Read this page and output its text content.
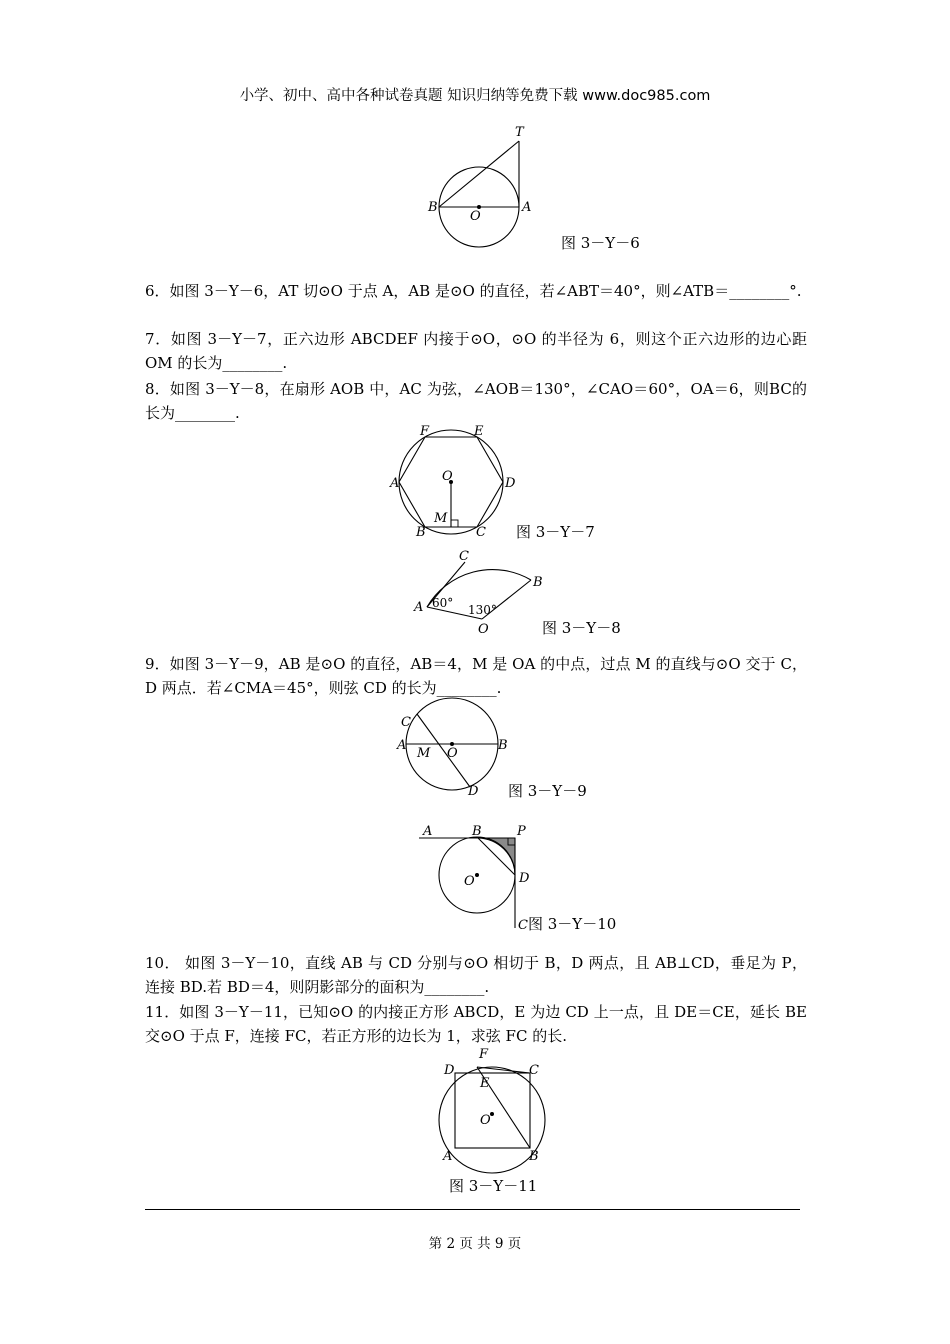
小学、初中、高中各种试卷真题 知识归纳等免费下载 www.doc985.com
T
B
O
A
图 3－Y－6
6．如图 3－Y－6，AT 切⊙O 于点 A，AB 是⊙O 的直径，若∠ABT＝40°，则∠ATB＝________°.
7．如图 3－Y－7，正六边形 ABCDEF 内接于⊙O，⊙O 的半径为 6，则这个正六边形的边心距 OM 的长为________.
8．如图 3－Y－8，在扇形 AOB 中，AC 为弦，∠AOB＝130°，∠CAO＝60°，OA＝6，则BC的长为________.
F	E
A	D
O
M
B	C 图 3－Y－7
C
B
A
O
60° 130°
图 3－Y－8
9．如图 3－Y－9，AB 是⊙O 的直径，AB＝4，M 是 OA 的中点，过点 M 的直线与⊙O 交于 C，D 两点．若∠CMA＝45°，则弦 CD 的长为________.
C
A
M O
B
D 图 3－Y－9
A	B	P
O	D
C 图 3－Y－10
10． 如图 3－Y－10，直线 AB 与 CD 分别与⊙O 相切于 B，D 两点，且 AB⊥CD，垂足为 P，连接 BD.若 BD＝4，则阴影部分的面积为________.
11．如图 3－Y－11，已知⊙O 的内接正方形 ABCD，E 为边 CD 上一点，且 DE＝CE，延长 BE 交⊙O 于点 F，连接 FC，若正方形的边长为 1，求弦 FC 的长.
F
D	C
E
O
A	B
图 3－Y－11
第 2 页 共 9 页
